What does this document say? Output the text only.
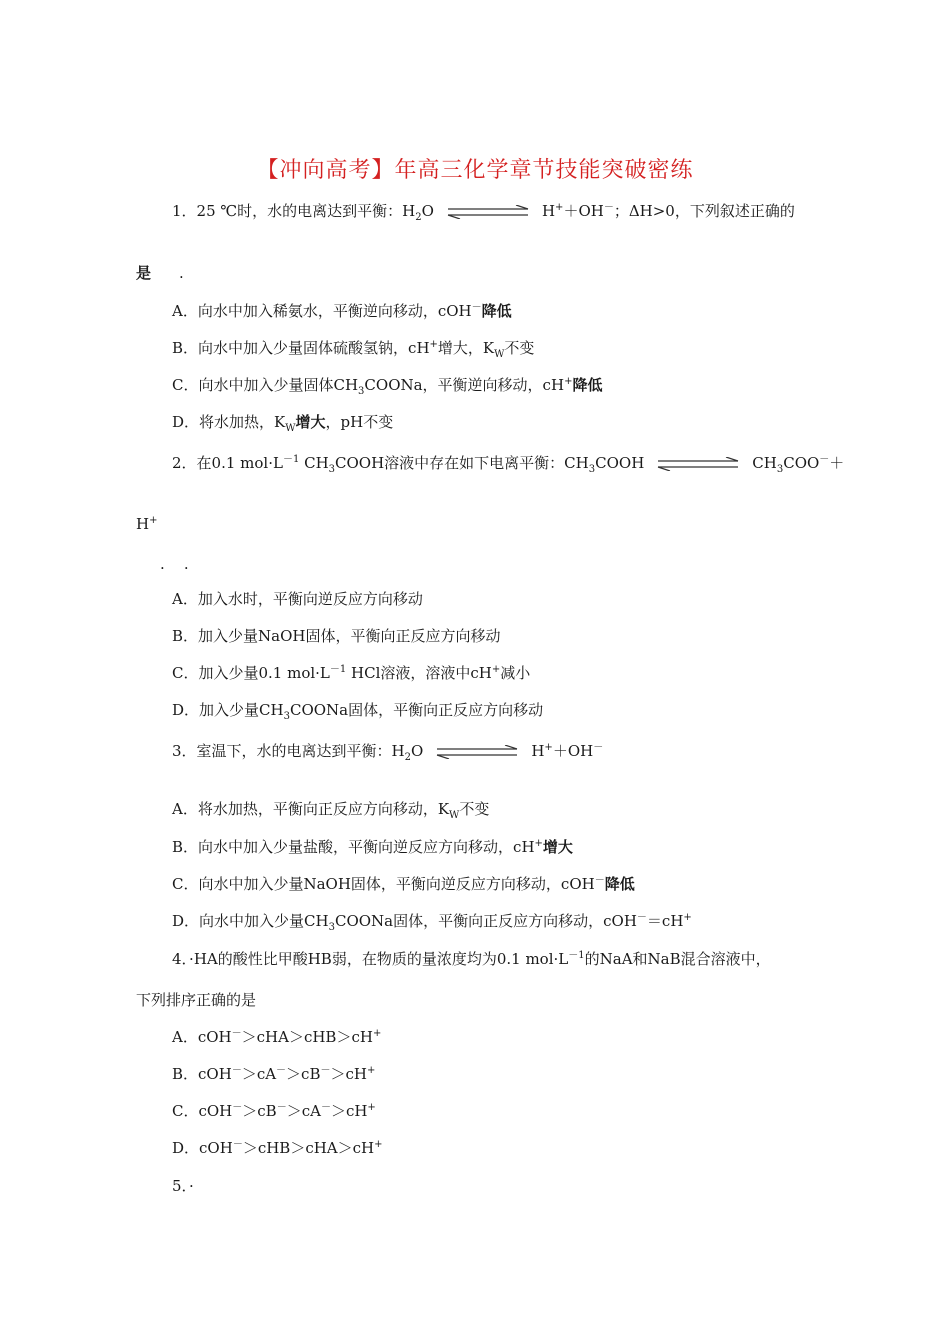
【冲向高考】年高三化学章节技能突破密练
1．25 ℃时，水的电离达到平衡：$H_2O$	H+＋OH－；ΔH>0，下列叙述正确的
是 .
A．向水中加入稀氨水，平衡逆向移动，cOH－降低
B．向水中加入少量固体硫酸氢钠，cH+增大，$K_W$不变
C．向水中加入少量固体$CH_3COONa$，平衡逆向移动，cH+降低
D．将水加热，$K_W$增大，pH不变
2．在0.1 $mol\cdot L^{-1}$ $CH_3COOH$溶液中存在如下电离平衡：$CH_3COOH$	$CH_3COO^-+$
H+
.    .
A．加入水时，平衡向逆反应方向移动
B．加入少量NaOH固体，平衡向正反应方向移动
C．加入少量0.1 $mol\cdot L^{-1}$ HCl溶液，溶液中cH+减小
D．加入少量$CH_3COONa$固体，平衡向正反应方向移动
3．室温下，水的电离达到平衡：$H_2O$	H+＋OH－
A．将水加热，平衡向正反应方向移动，$K_W$不变
B．向水中加入少量盐酸，平衡向逆反应方向移动，cH+增大
C．向水中加入少量NaOH固体，平衡向逆反应方向移动，cOH－降低
D．向水中加入少量$CH_3COONa$固体，平衡向正反应方向移动，cOH－＝cH+
4．·HA的酸性比甲酸HB弱，在物质的量浓度均为0.1 $mol\cdot L^{-1}$的NaA和NaB混合溶液中，
下列排序正确的是
A．cOH－＞cHA＞cHB＞cH+
B．cOH－＞cA－＞cB－＞cH+
C．cOH－＞cB－＞cA－＞cH+
D．cOH－＞cHB＞cHA＞cH+
5．·
